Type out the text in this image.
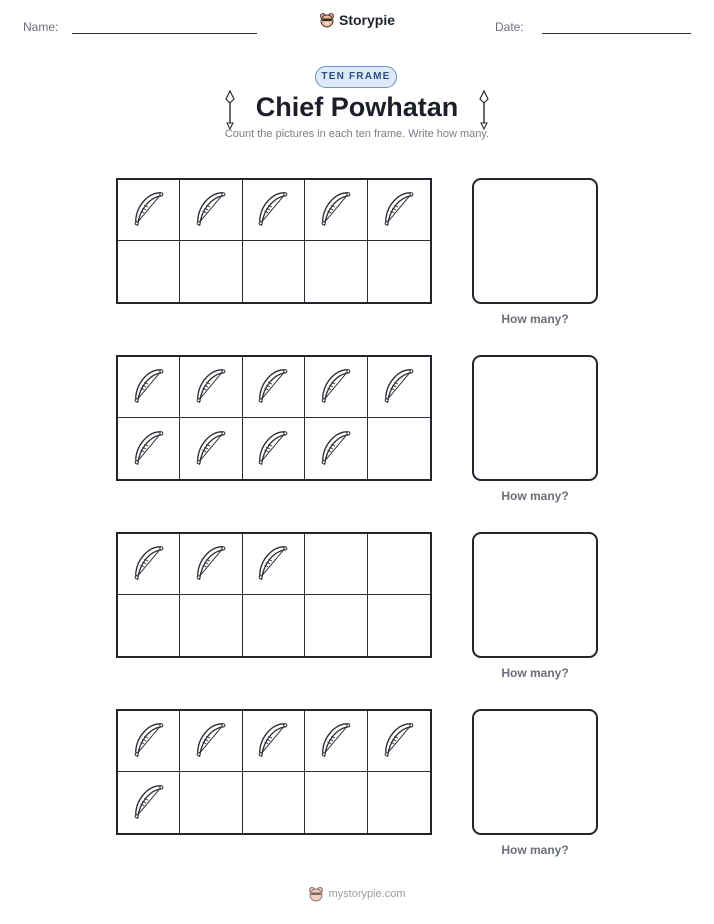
Name:	Storypie	Date:
TEN FRAME
Chief Powhatan
Count the pictures in each ten frame. Write how many.
How many?
How many?
How many?
How many?
mystorypie.com
